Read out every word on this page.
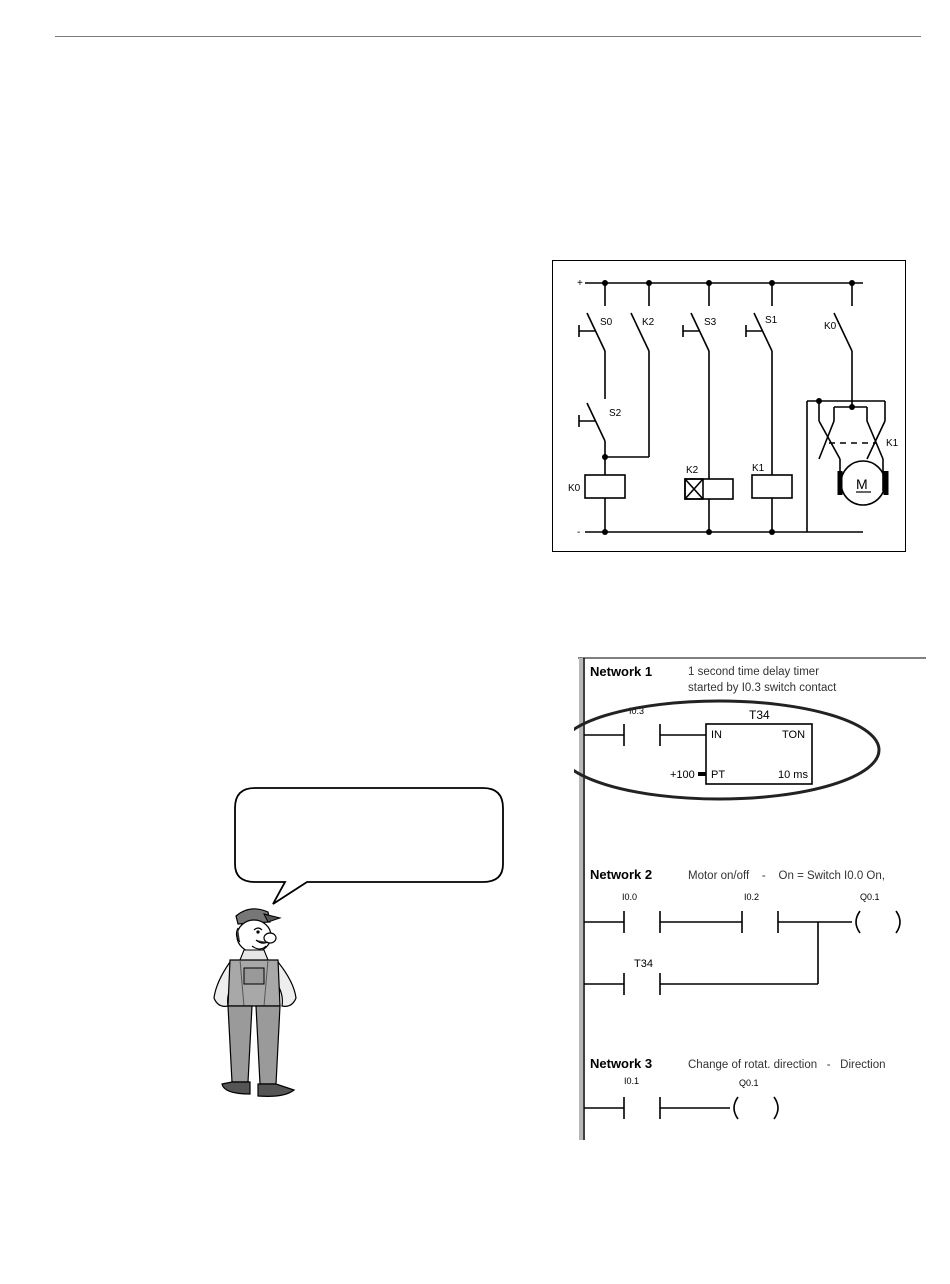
+
-
S0	K2	S3	S1
K0
S2
K0
K2	K1
K1
M
Network 1	1 second time delay timer
started by I0.3 switch contact
I0.3	T34
IN	TON
+100 PT	10 ms
Network 2	Motor on/off    -    On = Switch I0.0 On,
I0.0	I0.2	Q0.1
T34
Network 3	Change of rotat. direction   -   Direction
I0.1	Q0.1
